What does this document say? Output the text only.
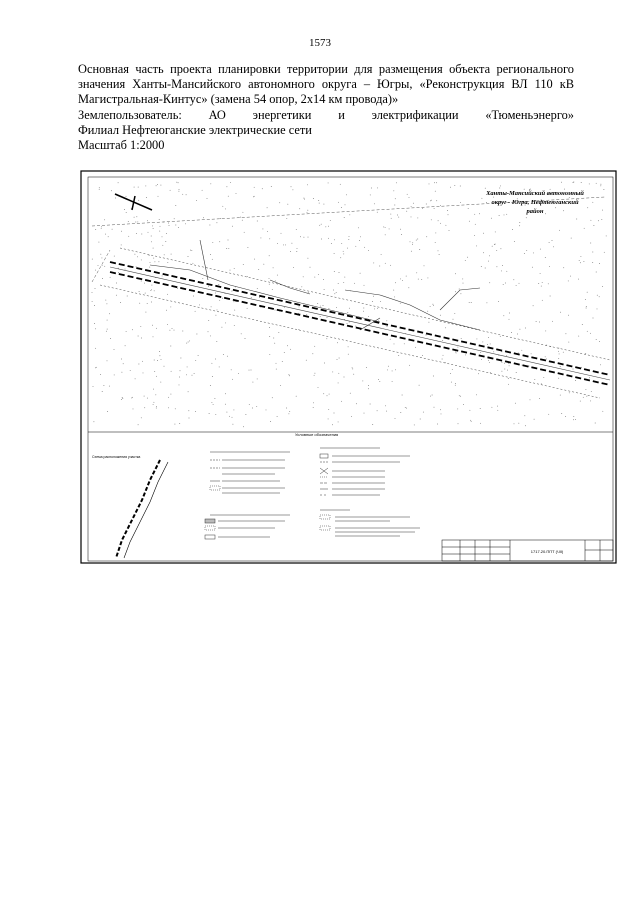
1573

Основная часть проекта планировки территории для размещения объекта регионального

значения Ханты-Мансийского автономного округа – Югры, «Реконструкция ВЛ 110 кВ

Магистральная-Кинтус» (замена 54 опор, 2х14 км провода)»

Землепользователь: АО энергетики и электрификации «Тюменьэнерго»

Филиал Нефтеюганские электрические сети

Масштаб 1:2000

Ханты-Мансийский автономный
округ - Югра, Нефтеюганский
район
Условные обозначения
Схема расположения участка
1717.20.ППТ (ЧII)
